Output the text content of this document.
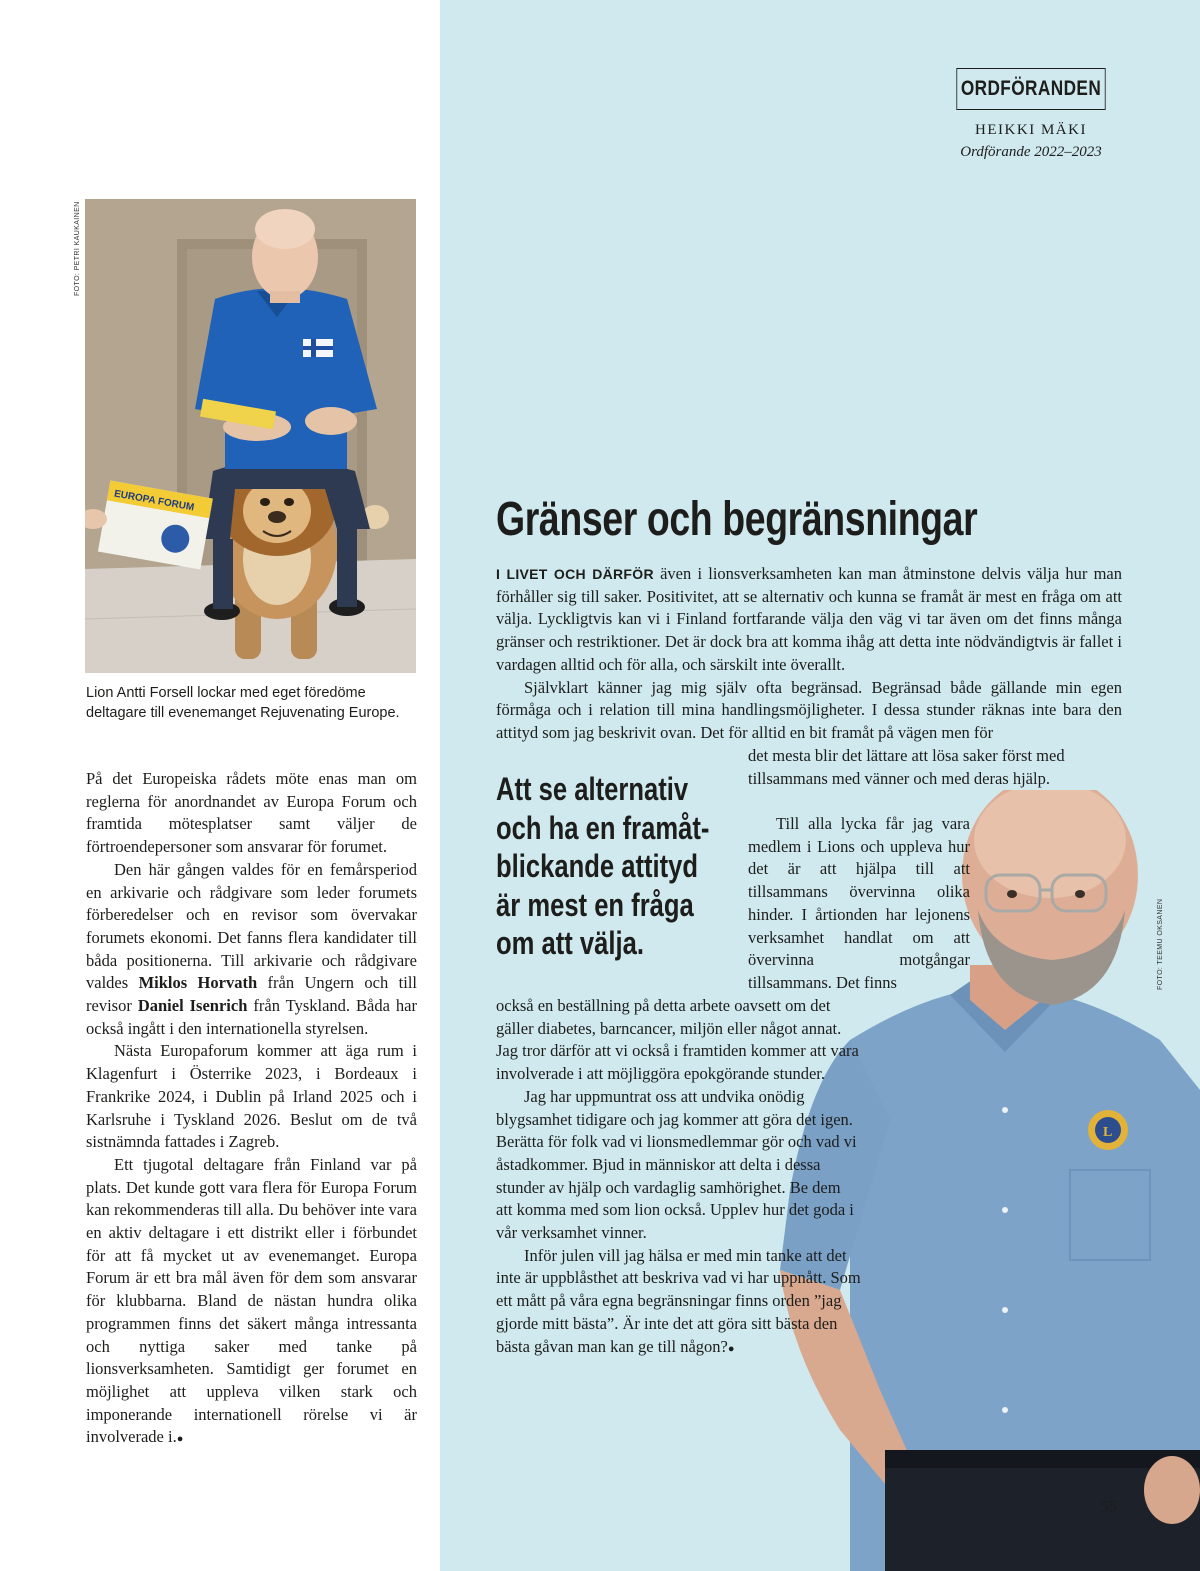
ORDFÖRANDEN
HEIKKI MÄKI
Ordförande 2022–2023
FOTO: PETRI KAUKAINEN
EUROPA FORUM
Lion Antti Forsell lockar med eget föredöme
deltagare till evenemanget Rejuvenating Europe.

På det Europeiska rådets möte enas man om reglerna för anordnandet av Europa Forum och framtida mötesplatser samt väljer de förtroendepersoner som ansvarar för forumet.

Den här gången valdes för en femårsperiod en arkivarie och rådgivare som leder forumets förberedelser och en revisor som övervakar forumets ekonomi. Det fanns flera kandidater till båda positionerna. Till arkivarie och rådgivare valdes Miklos Horvath från Ungern och till revisor Daniel Isenrich från Tyskland. Båda har också ingått i den internationella styrelsen.

Nästa Europaforum kommer att äga rum i Klagenfurt i Österrike 2023, i Bordeaux i Frankrike 2024, i Dublin på Irland 2025 och i Karlsruhe i Tyskland 2026. Beslut om de två sistnämnda fattades i Zagreb.

Ett tjugotal deltagare från Finland var på plats. Det kunde gott vara flera för Europa Forum kan rekommenderas till alla. Du behöver inte vara en aktiv deltagare i ett distrikt eller i förbundet för att få mycket ut av evenemanget. Europa Forum är ett bra mål även för dem som ansvarar för klubbarna. Bland de nästan hundra olika programmen finns det säkert många intressanta och nyttiga saker med tanke på lionsverksamheten. Samtidigt ger forumet en möjlighet att uppleva vilken stark och imponerande internationell rörelse vi är involverade i.●

Gränser och begränsningar

I LIVET OCH DÄRFÖR även i lionsverksamheten kan man åtminstone delvis välja hur man förhåller sig till saker. Positivitet, att se alternativ och kunna se framåt är mest en fråga om att välja. Lyckligtvis kan vi i Finland fortfarande välja den väg vi tar även om det finns många gränser och restriktioner. Det är dock bra att komma ihåg att detta inte nödvändigtvis är fallet i vardagen alltid och för alla, och särskilt inte överallt.

Självklart känner jag mig själv ofta begränsad. Begränsad både gällande min egen förmåga och i relation till mina handlingsmöjligheter. I dessa stunder räknas inte bara den attityd som jag beskrivit ovan. Det för alltid en bit framåt på vägen men för

L
FOTO: TEEMU OKSANEN

det mesta blir det lättare att lösa saker först med tillsammans med vänner och med deras hjälp.

Att se alternativ
och ha en framåt-
blickande attityd
är mest en fråga
om att välja.

Till alla lycka får jag vara medlem i Lions och uppleva hur det är att hjälpa till att tillsammans övervinna olika hinder. I årtionden har lejonens verksamhet handlat om att övervinna motgångar tillsammans. Det finns

också en beställning på detta arbete oavsett om det gäller diabetes, barncancer, miljön eller något annat. Jag tror därför att vi också i framtiden kommer att vara involverade i att möjliggöra epokgörande stunder.

Jag har uppmuntrat oss att undvika onödig blygsamhet tidigare och jag kommer att göra det igen. Berätta för folk vad vi lionsmedlemmar gör och vad vi åstadkommer. Bjud in människor att delta i dessa stunder av hjälp och vardaglig samhörighet. Be dem att komma med som lion också. Upplev hur det goda i vår verksamhet vinner.

Inför julen vill jag hälsa er med min tanke att det inte är uppblåsthet att beskriva vad vi har uppnått. Som ett mått på våra egna begränsningar finns orden ”jag gjorde mitt bästa”. Är inte det att göra sitt bästa den bästa gåvan man kan ge till någon?●

55
